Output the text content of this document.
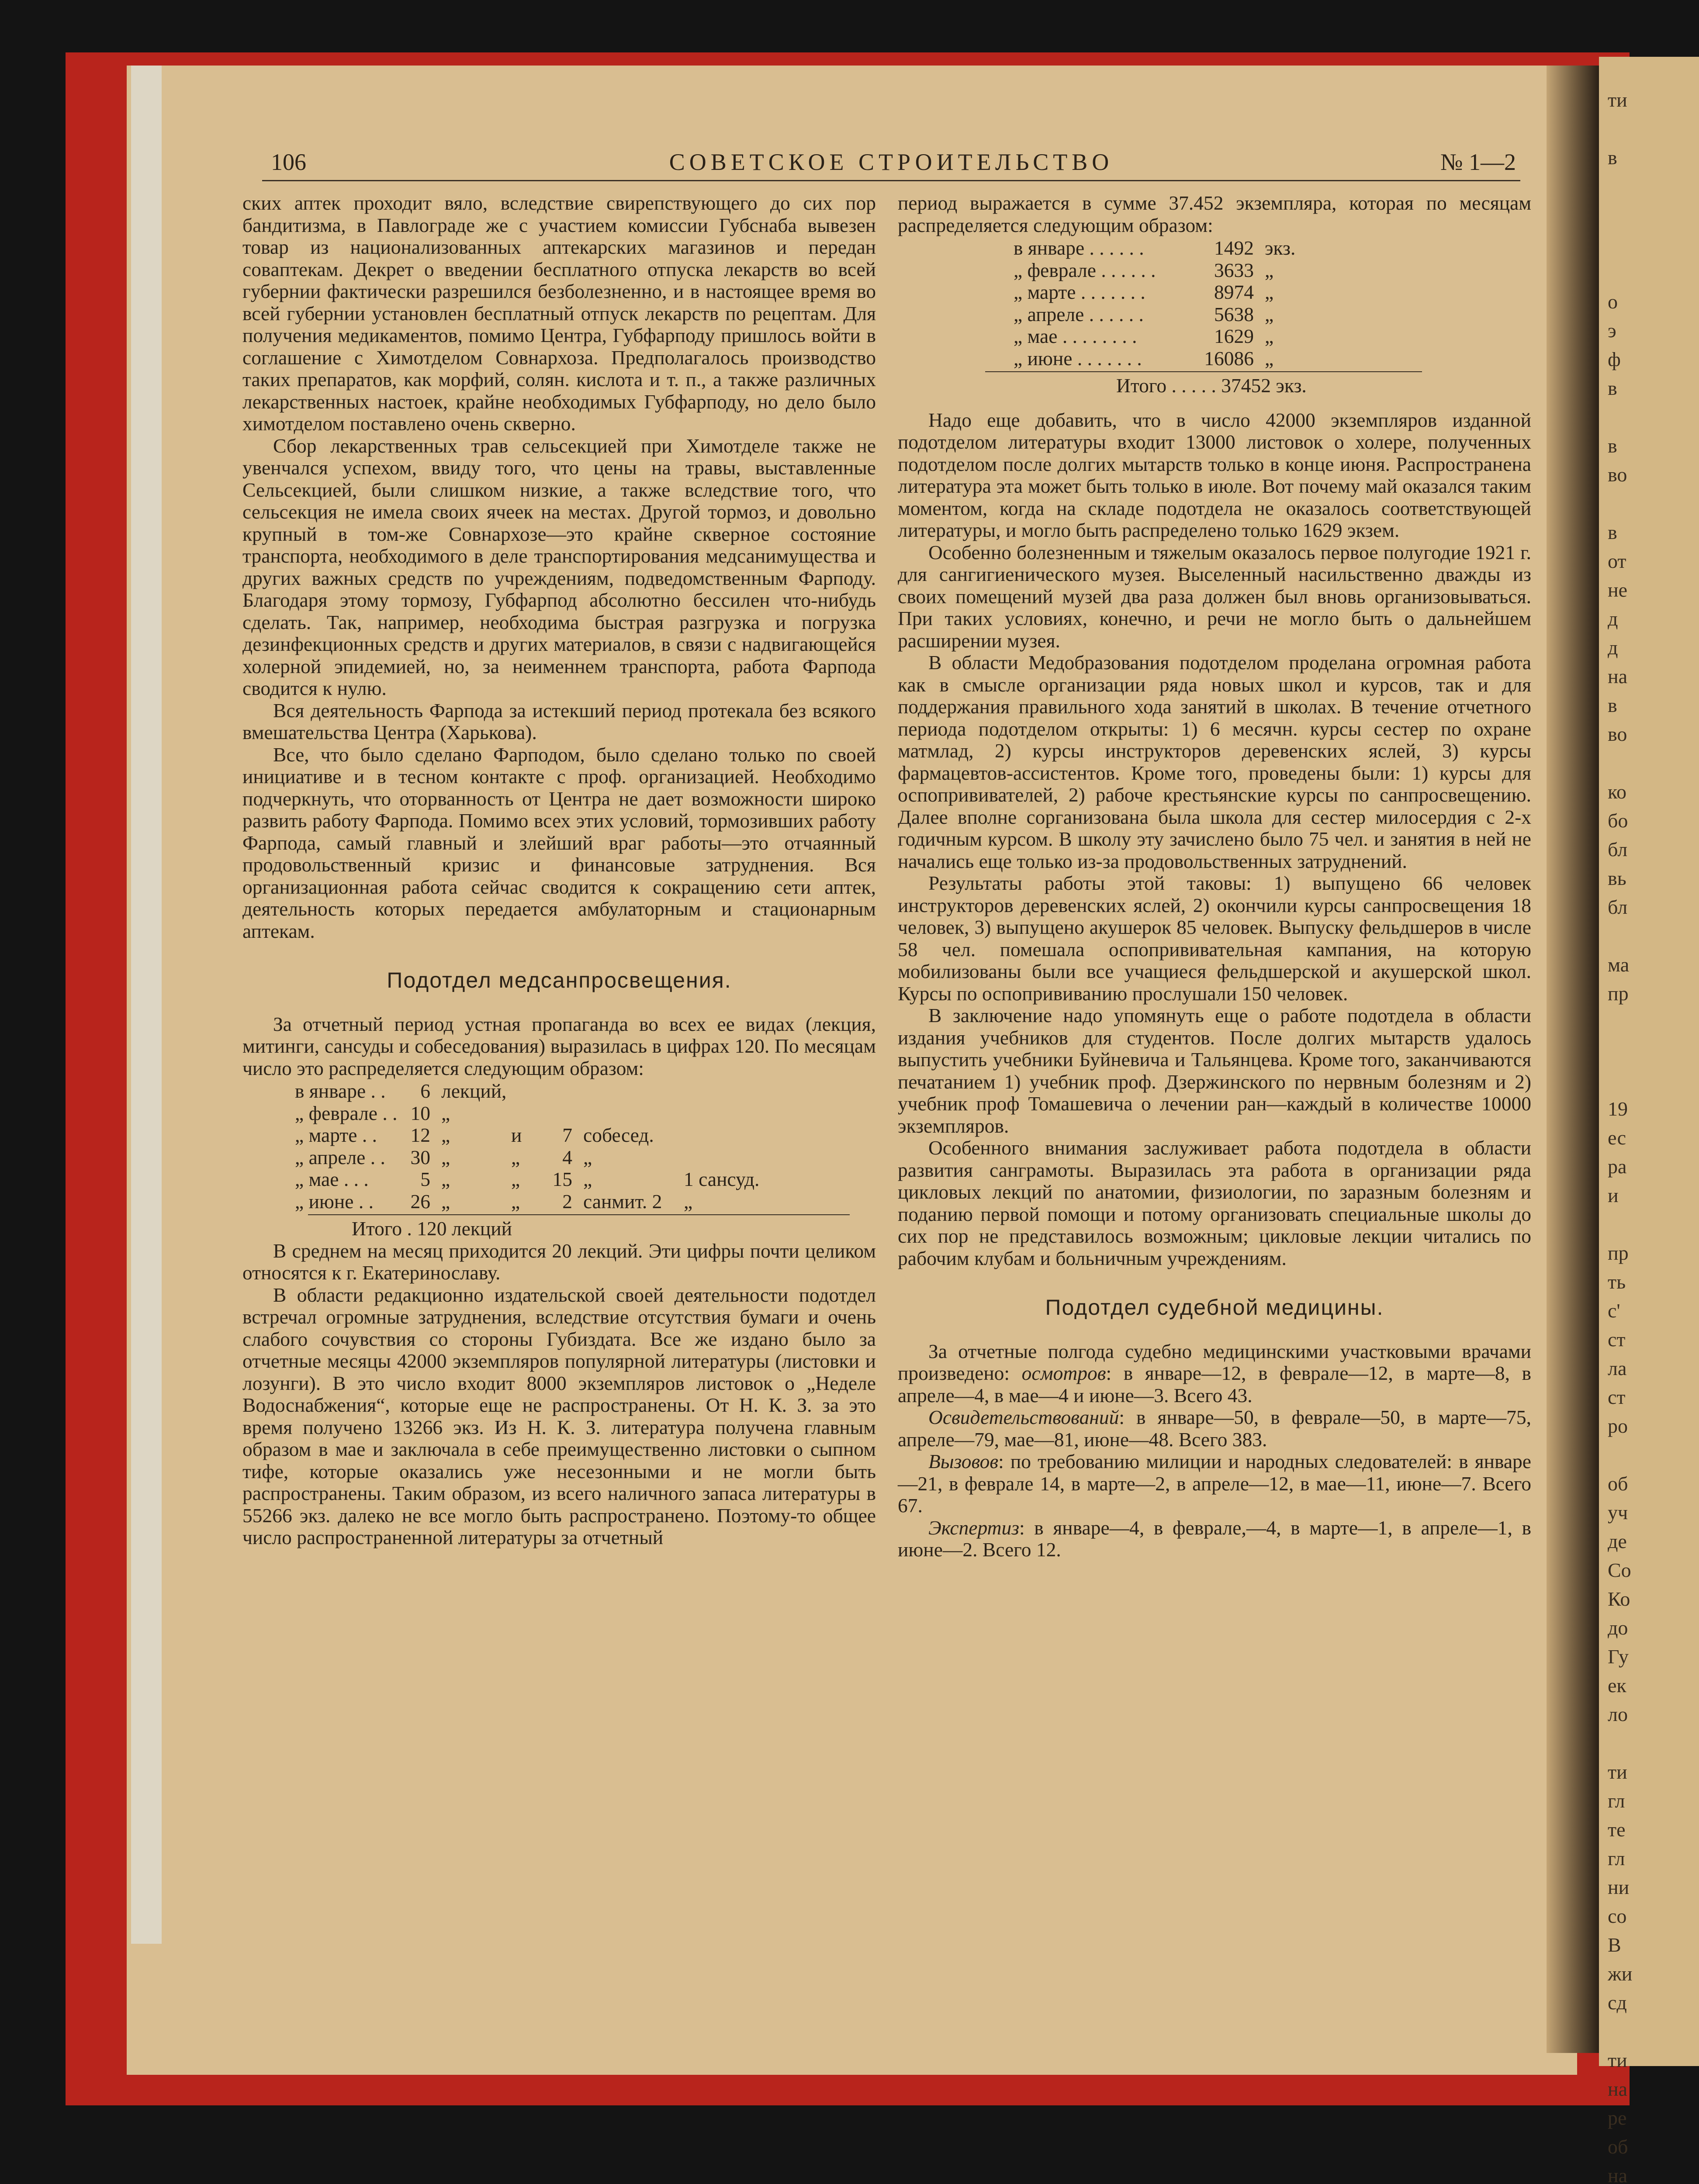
ти

в

о
э
ф
в

в
во

в
от
не
д
д
на
в
во

ко
бо
бл
вь
бл

ма
пр

19
ес
ра
и

пр
ть
с'
ст
ла
ст
ро

об
уч
де
Со
Ко
до
Гу
ек
ло

ти
гл
те
гл
ни
со
В
жи
сд

ти
на
ре
об
на
106	СОВЕТСКОЕ СТРОИТЕЛЬСТВО	№ 1—2

ских аптек проходит вяло, вследствие свирепствующего до сих пор бандитизма, в Павлограде же с участием комиссии Губснаба вывезен товар из национализованных аптекарских магазинов и передан совaптекам. Декрет о введении бесплатного отпуска лекарств во всей губернии фактически разрешился безболезненно, и в настоящее время во всей губернии установлен бесплатный отпуск лекарств по рецептам. Для получения медикаментов, помимо Центра, Губфарподу пришлось войти в соглашение с Химотделом Совнархоза. Предполагалось производство таких препаратов, как морфий, солян. кислота и т. п., а также различных лекарственных настоек, крайне необходимых Губфарподу, но дело было химотделом поставлено очень скверно.

Сбор лекарственных трав сельсекцией при Химотделе также не увенчался успехом, ввиду того, что цены на травы, выставленные Сельсекцией, были слишком низкие, а также вследствие того, что сельсекция не имела своих ячеек на местах. Другой тормоз, и довольно крупный в том-же Совнархозе—это крайне скверное состояние транспорта, необходимого в деле транспортирования медсанимущества и других важных средств по учреждениям, подведомственным Фарподу. Благодаря этому тормозу, Губфарпод абсолютно бессилен что-нибудь сделать. Так, например, необходима быстрая разгрузка и погрузка дезинфекционных средств и других материалов, в связи с надвигающейся холерной эпидемией, но, за неименнем транспорта, работа Фарпода сводится к нулю.

Вся деятельность Фарпода за истекший период протекала без всякого вмешательства Центра (Харькова).

Все, что было сделано Фарподом, было сделано только по своей инициативе и в тесном контакте с проф. организацией. Необходимо подчеркнуть, что оторванность от Центра не дает возможности широко развить работу Фарпода. Помимо всех этих условий, тормозивших работу Фарпода, самый главный и злейший враг работы—это отчаянный продовольственный кризис и финансовые затруднения. Вся организационная работа сейчас сводится к сокращению сети аптек, деятельность которых передается амбулаторным и стационарным аптекам.

Подотдел медсанпросвещения.

За отчетный период устная пропаганда во всех ее видах (лекция, митинги, сансуды и собеседования) выразилась в цифрах 120. По месяцам число это распределяется следующим образом:

в январе . .	6 лекций,
„ феврале . . 10 „
„ марте . .	12 „	и	7 собесед.
„ апреле . .	30 „	„	4 „
„ мае . . .	5 „	„	15 „	1 сансуд.
„ июне . .	26 „	„	2 санмит. 2	„

Итого . 120 лекций

В среднем на месяц приходится 20 лекций. Эти цифры почти целиком относятся к г. Екатеринославу.

В области редакционно издательской своей деятельности подотдел встречал огромные затруднения, вследствие отсутствия бумаги и очень слабого сочувствия со стороны Губиздата. Все же издано было за отчетные месяцы 42000 экземпляров популярной литературы (листовки и лозунги). В это число входит 8000 экземпляров листовок о „Неделе Водоснабжения“, которые еще не распространены. От Н. К. З. за это время получено 13266 экз. Из Н. К. З. литература получена главным образом в мае и заключала в себе преимущественно листовки о сыпном тифе, которые оказались уже несезонными и не могли быть распространены. Таким образом, из всего наличного запаса литературы в 55266 экз. далеко не все могло быть распространено. Поэтому-то общее число распространенной литературы за отчетный

период выражается в сумме 37.452 экземпляра, которая по месяцам распределяется следующим образом:

в январе . . . . . .	1492 экз.
„ феврале . . . . . .	3633 „
„ марте . . . . . . .	8974 „
„ апреле . . . . . .	5638 „
„ мае . . . . . . . .	1629 „
„ июне . . . . . . .	16086 „

Итого . . . . . 37452 экз.

Надо еще добавить, что в число 42000 экземпляров изданной подотделом литературы входит 13000 листовок о холере, полученных подотделом после долгих мытарств только в конце июня. Распространена литература эта может быть только в июле. Вот почему май оказался таким моментом, когда на складе подотдела не оказалось соответствующей литературы, и могло быть распределено только 1629 экзем.

Особенно болезненным и тяжелым оказалось первое полугодие 1921 г. для сангигиенического музея. Выселенный насильственно дважды из своих помещений музей два раза должен был вновь организовываться. При таких условиях, конечно, и речи не могло быть о дальнейшем расширении музея.

В области Медобразования подотделом проделана огромная работа как в смысле организации ряда новых школ и курсов, так и для поддержания правильного хода занятий в школах. В течение отчетного периода подотделом открыты: 1) 6 месячн. курсы сестер по охране матмлад, 2) курсы инструкторов деревенских яслей, 3) курсы фармацевтов-ассистентов. Кроме того, проведены были: 1) курсы для оспопрививателей, 2) рабоче крестьянские курсы по санпросвещению. Далее вполне сорганизована была школа для сестер милосердия с 2-х годичным курсом. В школу эту зачислено было 75 чел. и занятия в ней не начались еще только из-за продовольственных затруднений.

Результаты работы этой таковы: 1) выпущено 66 человек инструкторов деревенских яслей, 2) окончили курсы санпросвещения 18 человек, 3) выпущено акушерок 85 человек. Выпуску фельдшеров в числе 58 чел. помешала оспопрививательная кампания, на которую мобилизованы были все учащиеся фельдшерской и акушерской школ. Курсы по оспопрививанию прослушали 150 человек.

В заключение надо упомянуть еще о работе подотдела в области издания учебников для студентов. После долгих мытарств удалось выпустить учебники Буйневича и Тальянцева. Кроме того, заканчиваются печатанием 1) учебник проф. Дзержинского по нервным болезням и 2) учебник проф Томашевича о лечении ран—каждый в количестве 10000 экземпляров.

Особенного внимания заслуживает работа подотдела в области развития санграмоты. Выразилась эта работа в организации ряда цикловых лекций по анатомии, физиологии, по заразным болезням и поданию первой помощи и потому организовать специальные школы до сих пор не представилось возможным; цикловые лекции читались по рабочим клубам и больничным учреждениям.

Подотдел судебной медицины.

За отчетные полгода судебно медицинскими участковыми врачами произведено: осмотров: в январе—12, в феврале—12, в марте—8, в апреле—4, в мае—4 и июне—3. Всего 43.

Освидетельствований: в январе—50, в феврале—50, в марте—75, апреле—79, мае—81, июне—48. Всего 383.

Вызовов: по требованию милиции и народных следователей: в январе—21, в феврале 14, в марте—2, в апреле—12, в мае—11, июне—7. Всего 67.

Экспертиз: в январе—4, в феврале,—4, в марте—1, в апреле—1, в июне—2. Всего 12.
